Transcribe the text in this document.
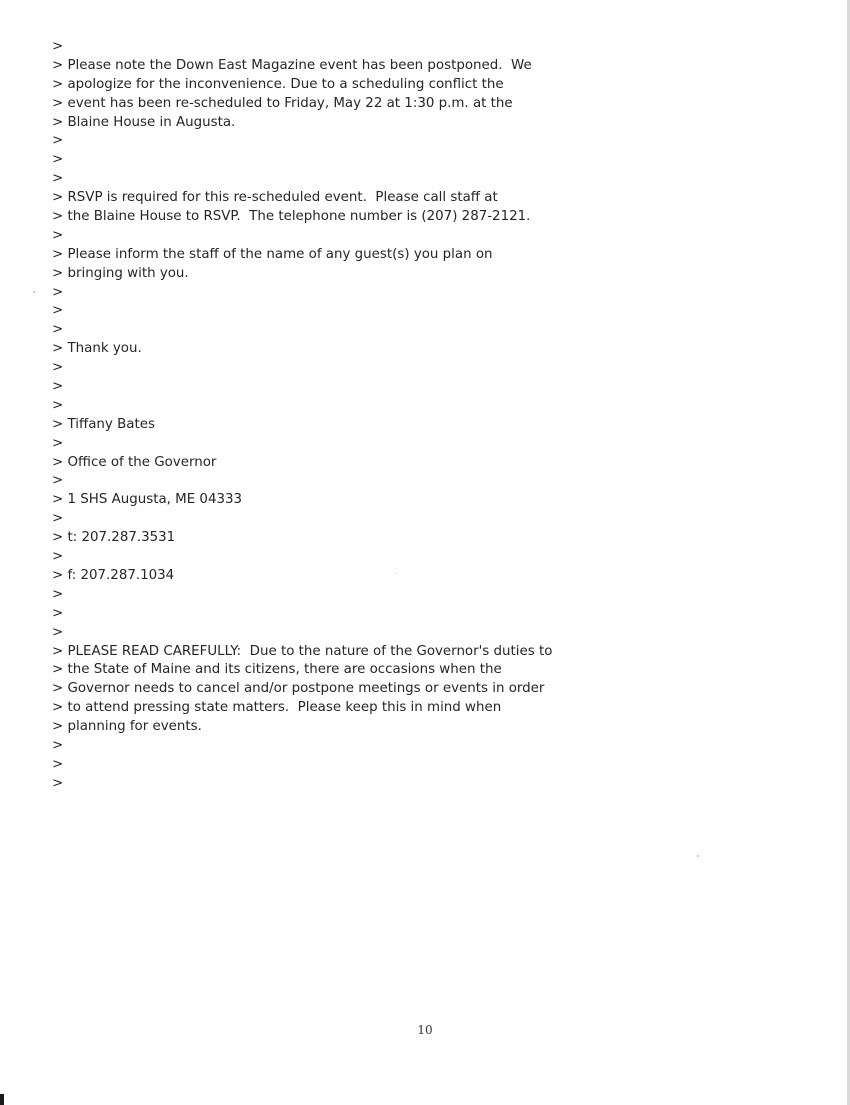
>
> Please note the Down East Magazine event has been postponed.  We
> apologize for the inconvenience. Due to a scheduling conflict the
> event has been re-scheduled to Friday, May 22 at 1:30 p.m. at the
> Blaine House in Augusta.
>
>
>
> RSVP is required for this re-scheduled event.  Please call staff at
> the Blaine House to RSVP.  The telephone number is (207) 287-2121.
>
> Please inform the staff of the name of any guest(s) you plan on
> bringing with you.
>
>
>
> Thank you.
>
>
>
> Tiffany Bates
>
> Office of the Governor
>
> 1 SHS Augusta, ME 04333
>
> t: 207.287.3531
>
> f: 207.287.1034
>
>
>
> PLEASE READ CAREFULLY:  Due to the nature of the Governor's duties to
> the State of Maine and its citizens, there are occasions when the
> Governor needs to cancel and/or postpone meetings or events in order
> to attend pressing state matters.  Please keep this in mind when
> planning for events.
>
>
>
10
